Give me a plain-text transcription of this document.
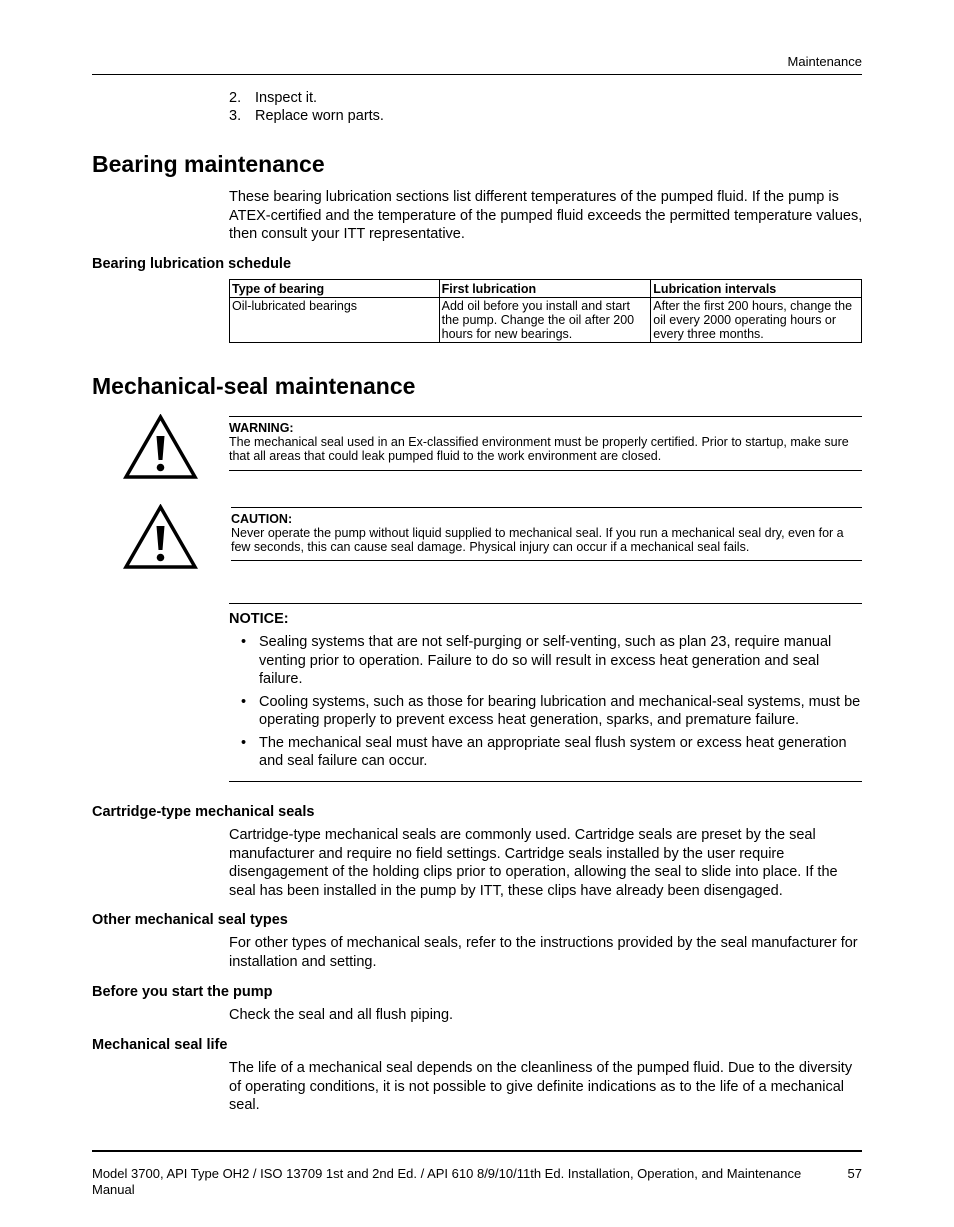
Maintenance
2. Inspect it.
3. Replace worn parts.
Bearing maintenance
These bearing lubrication sections list different temperatures of the pumped fluid. If the pump is ATEX-certified and the temperature of the pumped fluid exceeds the permitted temperature values, then consult your ITT representative.
Bearing lubrication schedule
Type of bearing	First lubrication	Lubrication intervals
Oil-lubricated bearings	Add oil before you install and start the pump. Change the oil after 200 hours for new bearings.	After the first 200 hours, change the oil every 2000 operating hours or every three months.
Mechanical-seal maintenance
WARNING:
The mechanical seal used in an Ex-classified environment must be properly certified. Prior to startup, make sure that all areas that could leak pumped fluid to the work environment are closed.
CAUTION:
Never operate the pump without liquid supplied to mechanical seal. If you run a mechanical seal dry, even for a few seconds, this can cause seal damage. Physical injury can occur if a mechanical seal fails.
NOTICE:
• Sealing systems that are not self-purging or self-venting, such as plan 23, require manual venting prior to operation. Failure to do so will result in excess heat generation and seal failure.
• Cooling systems, such as those for bearing lubrication and mechanical-seal systems, must be operating properly to prevent excess heat generation, sparks, and premature failure.
• The mechanical seal must have an appropriate seal flush system or excess heat generation and seal failure can occur.
Cartridge-type mechanical seals
Cartridge-type mechanical seals are commonly used. Cartridge seals are preset by the seal manufacturer and require no field settings. Cartridge seals installed by the user require disengagement of the holding clips prior to operation, allowing the seal to slide into place. If the seal has been installed in the pump by ITT, these clips have already been disengaged.
Other mechanical seal types
For other types of mechanical seals, refer to the instructions provided by the seal manufacturer for installation and setting.
Before you start the pump
Check the seal and all flush piping.
Mechanical seal life
The life of a mechanical seal depends on the cleanliness of the pumped fluid. Due to the diversity of operating conditions, it is not possible to give definite indications as to the life of a mechanical seal.
Model 3700, API Type OH2 / ISO 13709 1st and 2nd Ed. / API 610 8/9/10/11th Ed. Installation, Operation, and Maintenance Manual
57
